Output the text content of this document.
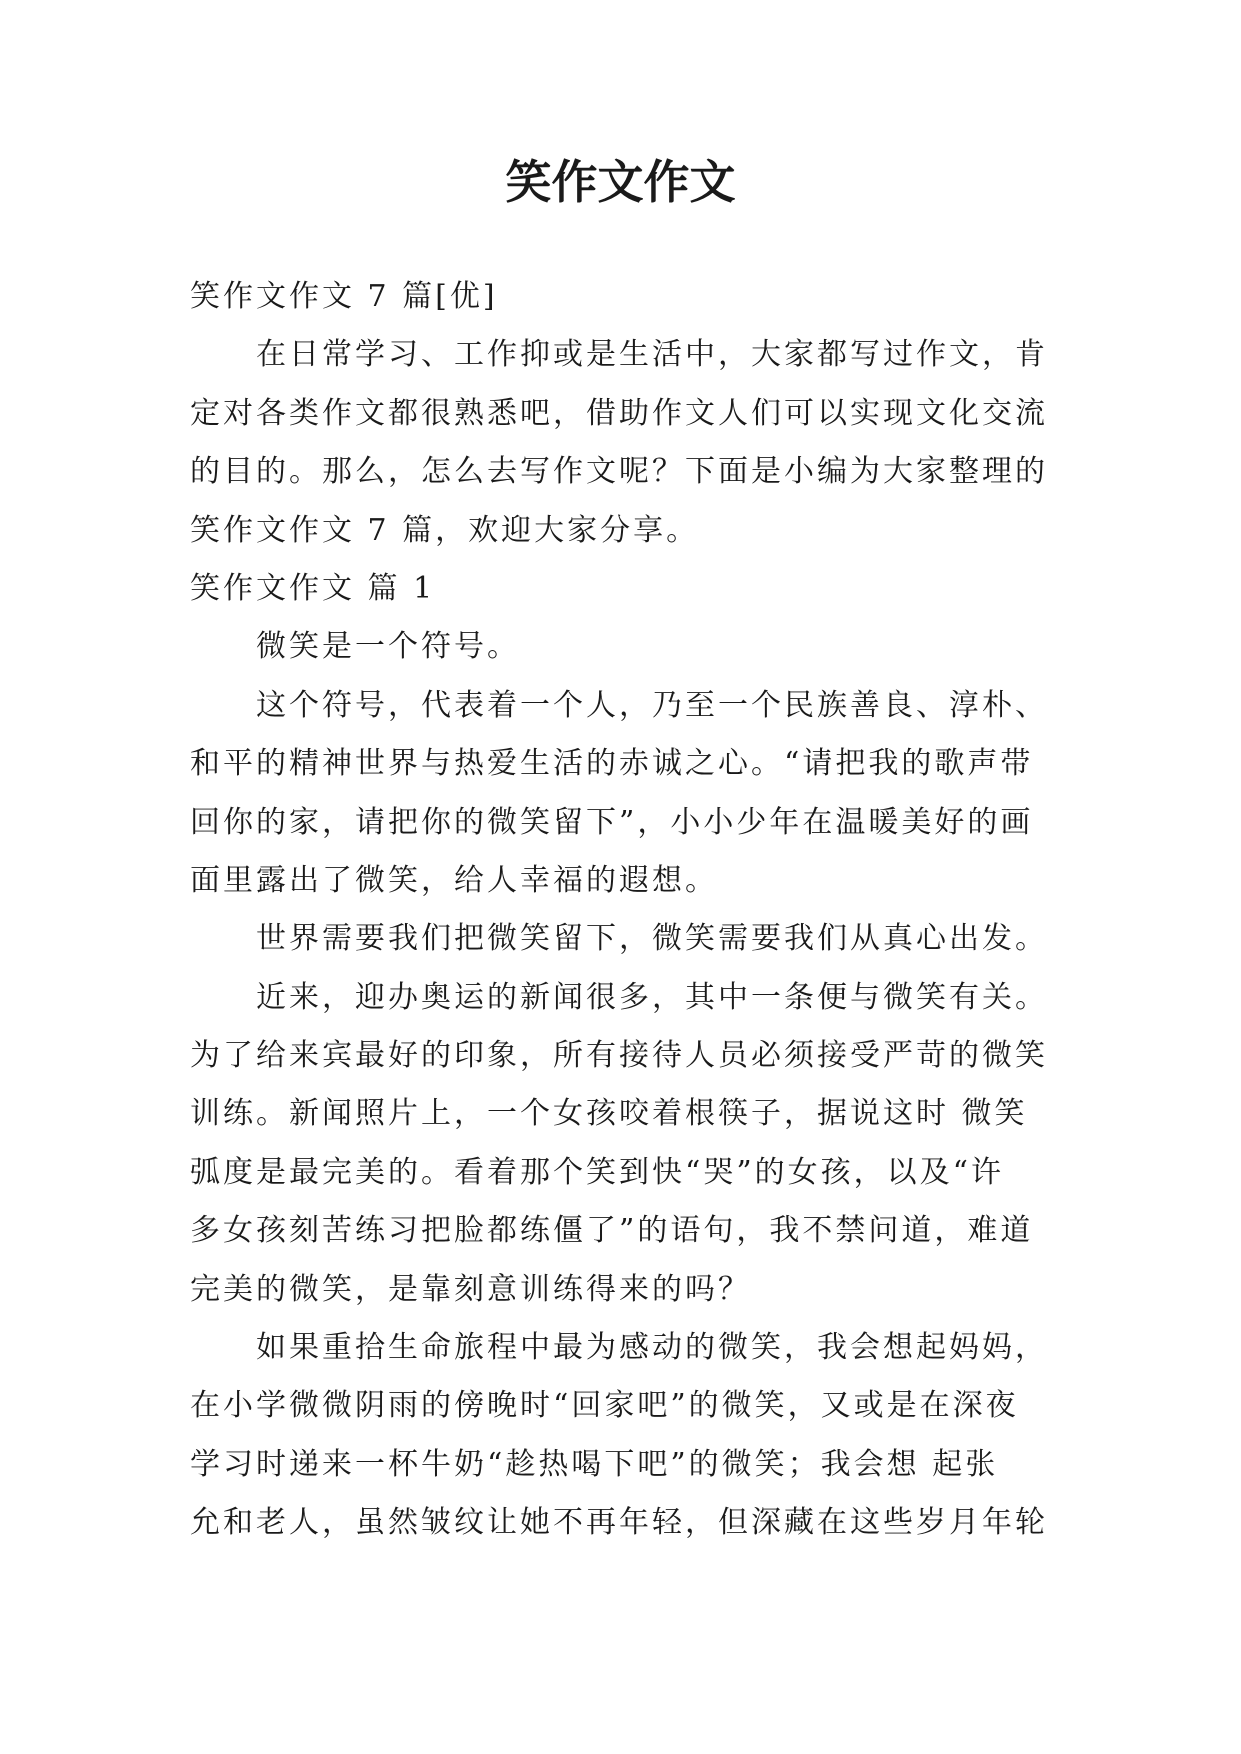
笑作文作文
笑作文作文 7 篇[优]
在日常学习、工作抑或是生活中，大家都写过作文，肯
定对各类作文都很熟悉吧，借助作文人们可以实现文化交流
的目的。那么，怎么去写作文呢？下面是小编为大家整理的
笑作文作文 7 篇，欢迎大家分享。
笑作文作文 篇 1
微笑是一个符号。
这个符号，代表着一个人，乃至一个民族善良、淳朴、
和平的精神世界与热爱生活的赤诚之心。“请把我的歌声带
回你的家，请把你的微笑留下”，小小少年在温暖美好的画
面里露出了微笑，给人幸福的遐想。
世界需要我们把微笑留下，微笑需要我们从真心出发。
近来，迎办奥运的新闻很多，其中一条便与微笑有关。
为了给来宾最好的印象，所有接待人员必须接受严苛的微笑
训练。新闻照片上，一个女孩咬着根筷子，据说这时 微笑
弧度是最完美的。看着那个笑到快“哭”的女孩，以及“许
多女孩刻苦练习把脸都练僵了”的语句，我不禁问道，难道
完美的微笑，是靠刻意训练得来的吗？
如果重拾生命旅程中最为感动的微笑，我会想起妈妈，
在小学微微阴雨的傍晚时“回家吧”的微笑，又或是在深夜
学习时递来一杯牛奶“趁热喝下吧”的微笑；我会想 起张
允和老人，虽然皱纹让她不再年轻，但深藏在这些岁月年轮
